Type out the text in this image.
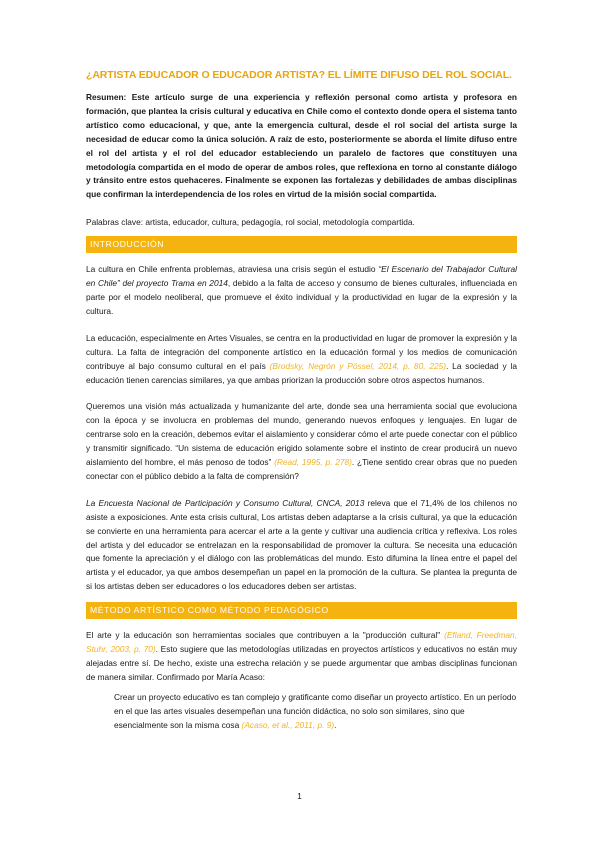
¿ARTISTA EDUCADOR O EDUCADOR ARTISTA? EL LÍMITE DIFUSO DEL ROL SOCIAL.

Resumen: Este artículo surge de una experiencia y reflexión personal como artista y profesora en formación, que plantea la crisis cultural y educativa en Chile como el contexto donde opera el sistema tanto artístico como educacional, y que, ante la emergencia cultural, desde el rol social del artista surge la necesidad de educar como la única solución. A raíz de esto, posteriormente se aborda el límite difuso entre el rol del artista y el rol del educador estableciendo un paralelo de factores que constituyen una metodología compartida en el modo de operar de ambos roles, que reflexiona en torno al constante diálogo y tránsito entre estos quehaceres. Finalmente se exponen las fortalezas y debilidades de ambas disciplinas que confirman la interdependencia de los roles en virtud de la misión social compartida.

Palabras clave: artista, educador, cultura, pedagogía, rol social, metodología compartida.

INTRODUCCIÓN

La cultura en Chile enfrenta problemas, atraviesa una crisis según el estudio “El Escenario del Trabajador Cultural en Chile” del proyecto Trama en 2014, debido a la falta de acceso y consumo de bienes culturales, influenciada en parte por el modelo neoliberal, que promueve el éxito individual y la productividad en lugar de la expresión y la cultura.

La educación, especialmente en Artes Visuales, se centra en la productividad en lugar de promover la expresión y la cultura. La falta de integración del componente artístico en la educación formal y los medios de comunicación contribuye al bajo consumo cultural en el país (Brodsky, Negrón y Pössel, 2014, p. 80, 225). La sociedad y la educación tienen carencias similares, ya que ambas priorizan la producción sobre otros aspectos humanos.

Queremos una visión más actualizada y humanizante del arte, donde sea una herramienta social que evoluciona con la época y se involucra en problemas del mundo, generando nuevos enfoques y lenguajes. En lugar de centrarse solo en la creación, debemos evitar el aislamiento y considerar cómo el arte puede conectar con el público y transmitir significado. “Un sistema de educación erigido solamente sobre el instinto de crear producirá un nuevo aislamiento del hombre, el más penoso de todos” (Read, 1995, p. 278). ¿Tiene sentido crear obras que no pueden conectar con el público debido a la falta de comprensión?

La Encuesta Nacional de Participación y Consumo Cultural, CNCA, 2013 releva que el 71,4% de los chilenos no asiste a exposiciones. Ante esta crisis cultural, Los artistas deben adaptarse a la crisis cultural, ya que la educación se convierte en una herramienta para acercar el arte a la gente y cultivar una audiencia crítica y reflexiva. Los roles del artista y del educador se entrelazan en la responsabilidad de promover la cultura. Se necesita una educación que fomente la apreciación y el diálogo con las problemáticas del mundo. Esto difumina la línea entre el papel del artista y el educador, ya que ambos desempeñan un papel en la promoción de la cultura. Se plantea la pregunta de si los artistas deben ser educadores o los educadores deben ser artistas.

MÉTODO ARTÍSTICO COMO MÉTODO PEDAGÓGICO

El arte y la educación son herramientas sociales que contribuyen a la "producción cultural" (Efland, Freedman, Stuhr, 2003, p. 70). Esto sugiere que las metodologías utilizadas en proyectos artísticos y educativos no están muy alejadas entre sí. De hecho, existe una estrecha relación y se puede argumentar que ambas disciplinas funcionan de manera similar. Confirmado por María Acaso:

Crear un proyecto educativo es tan complejo y gratificante como diseñar un proyecto artístico. En un período en el que las artes visuales desempeñan una función didáctica, no solo son similares, sino que esencialmente son la misma cosa (Acaso, et al., 2011, p. 9).

1
